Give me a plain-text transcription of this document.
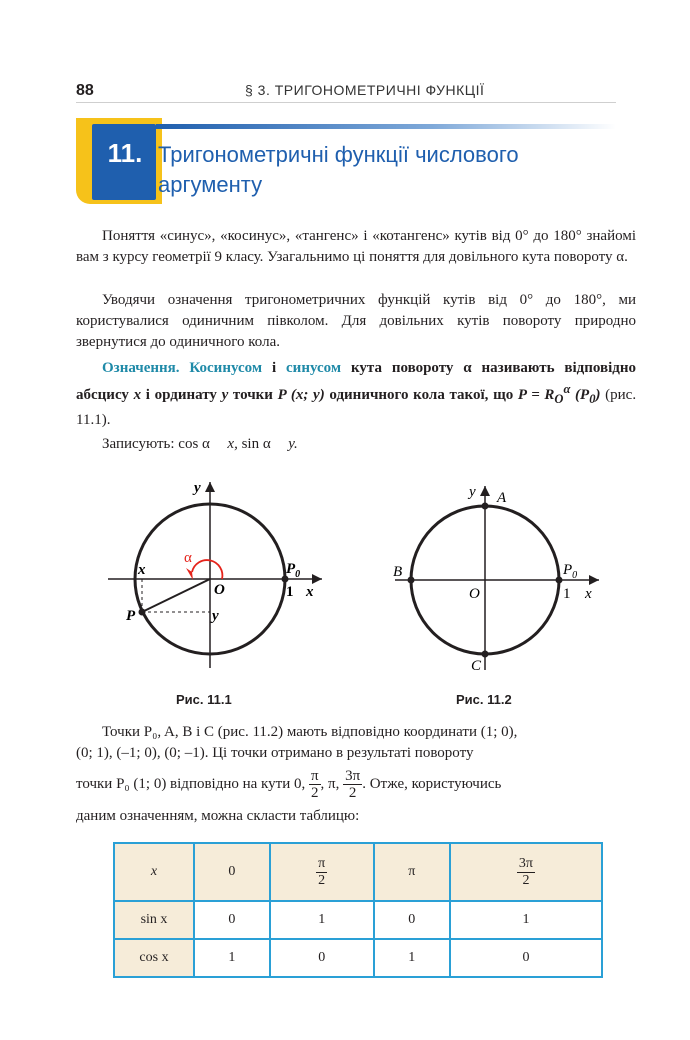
88	§ 3. ТРИГОНОМЕТРИЧНІ ФУНКЦІЇ
11. Тригонометричні функції числового
аргументу
Поняття «синус», «косинус», «тангенс» і «котангенс» кутів від 0° до 180° знайомі вам з курсу геометрії 9 класу. Узагальнимо ці поняття для довільного кута повороту α.
Уводячи означення тригонометричних функцій кутів від 0° до 180°, ми користувалися одиничним півколом. Для довільних кутів повороту природно звернутися до одиничного кола.
Означення. Косинусом і синусом кута повороту α називають відповідно абсцису x і ординату y точки P (x; y) одиничного кола такої, що $P = R_O^\alpha$ $(P_0)$ (рис. 11.1).
Записують: cos α x, sin α y.
y
x
O	1
$P_0$
α
x
y
P
Рис. 11.1
y A
B
C
O	1 x
$P_0$
Рис. 11.2
Точки P₀, A, B і C (рис. 11.2) мають відповідно координати (1; 0),
(0; 1), (–1; 0), (0; –1). Ці точки отримано в результаті повороту
точки P₀ (1; 0) відповідно на кути 0, $\frac{\pi}{2}$ , π, $\frac{3\pi}{2}$ . Отже, користуючись
даним означенням, можна скласти таблицю:
x	0	$\frac{\pi}{2}$	π	$\frac{3\pi}{2}$

sin x	0	1	0	1
cos x	1	0	1	0
